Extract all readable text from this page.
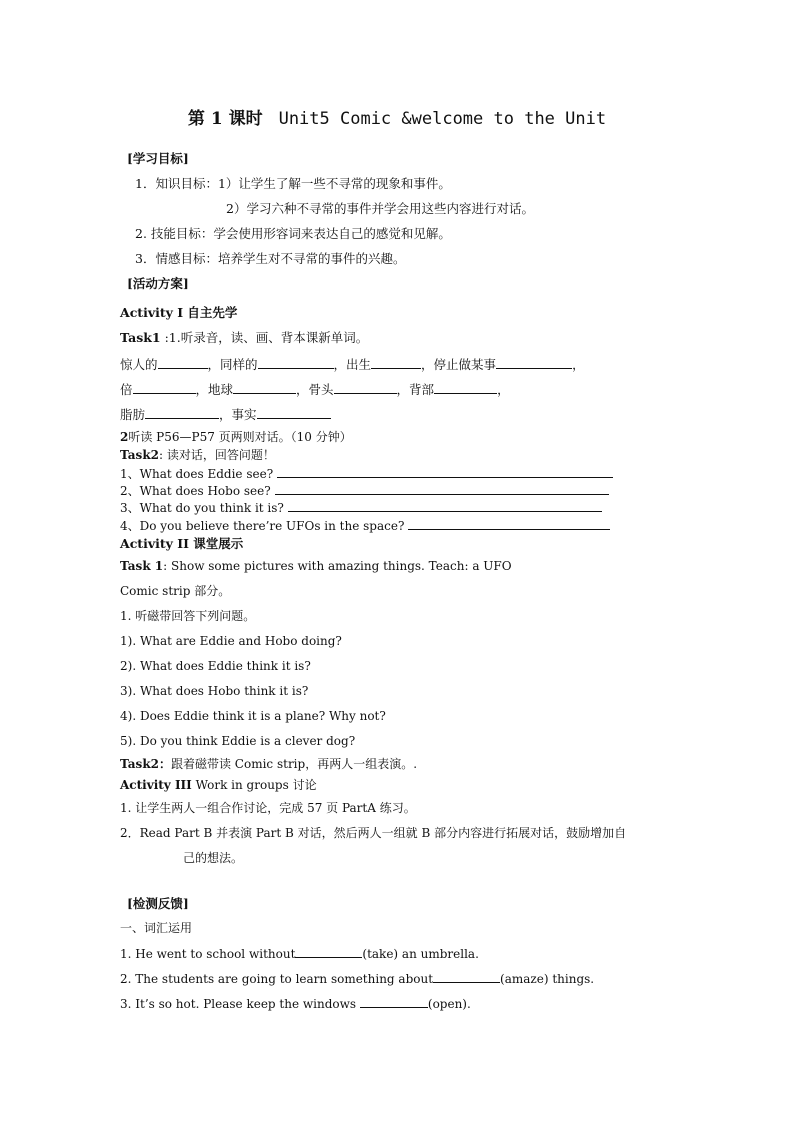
第 1 课时 Unit5 Comic &welcome to the Unit
[学习目标]
1．知识目标：1）让学生了解一些不寻常的现象和事件。
2）学习六种不寻常的事件并学会用这些内容进行对话。
2. 技能目标：学会使用形容词来表达自己的感觉和见解。
3．情感目标：培养学生对不寻常的事件的兴趣。
[活动方案]
Activity I 自主先学
Task1 :1.听录音，读、画、背本课新单词。
惊人的	，同样的	，出生	，停止做某事	，
倍	，地球	，骨头	，背部	，
脂肪	，事实
2听读 P56—P57 页两则对话。（10 分钟）
Task2: 读对话，回答问题！
1、What does Eddie see?
2、What does Hobo see?
3、What do you think it is?
4、Do you believe there’re UFOs in the space?
Activity II 课堂展示
Task 1: Show some pictures with amazing things. Teach: a UFO
Comic strip 部分。
1. 听磁带回答下列问题。
1). What are Eddie and Hobo doing?
2). What does Eddie think it is?
3). What does Hobo think it is?
4). Does Eddie think it is a plane? Why not?
5). Do you think Eddie is a clever dog?
Task2：跟着磁带读 Comic strip，再两人一组表演。.
Activity III Work in groups 讨论
1. 让学生两人一组合作讨论，完成 57 页 PartA 练习。
2．Read Part B 并表演 Part B 对话，然后两人一组就 B 部分内容进行拓展对话，鼓励增加自
己的想法。
[检测反馈]
一、词汇运用
1. He went to school without	(take) an umbrella.
2. The students are going to learn something about	(amaze) things.
3. It’s so hot. Please keep the windows	(open).
